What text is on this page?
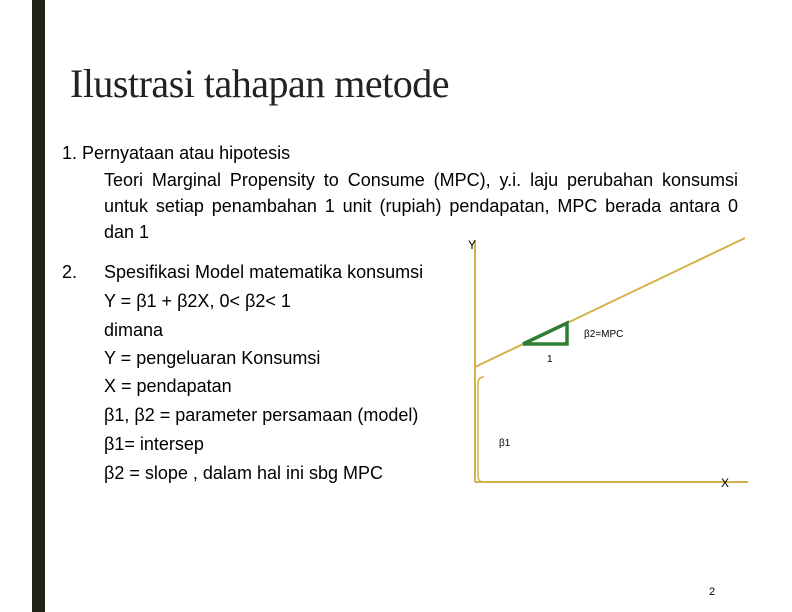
Ilustrasi tahapan metode
1. Pernyataan atau hipotesis
Teori Marginal Propensity to Consume (MPC), y.i. laju perubahan konsumsi untuk setiap penambahan 1 unit (rupiah) pendapatan, MPC berada antara 0 dan 1
2. Spesifikasi Model matematika konsumsi
Y = β1 + β2X, 0< β2< 1
dimana
Y = pengeluaran Konsumsi
X = pendapatan
β1, β2 = parameter persamaan (model)
β1= intersep
β2 = slope , dalam hal ini sbg MPC
Y
X
β2=MPC
1
β1
2
